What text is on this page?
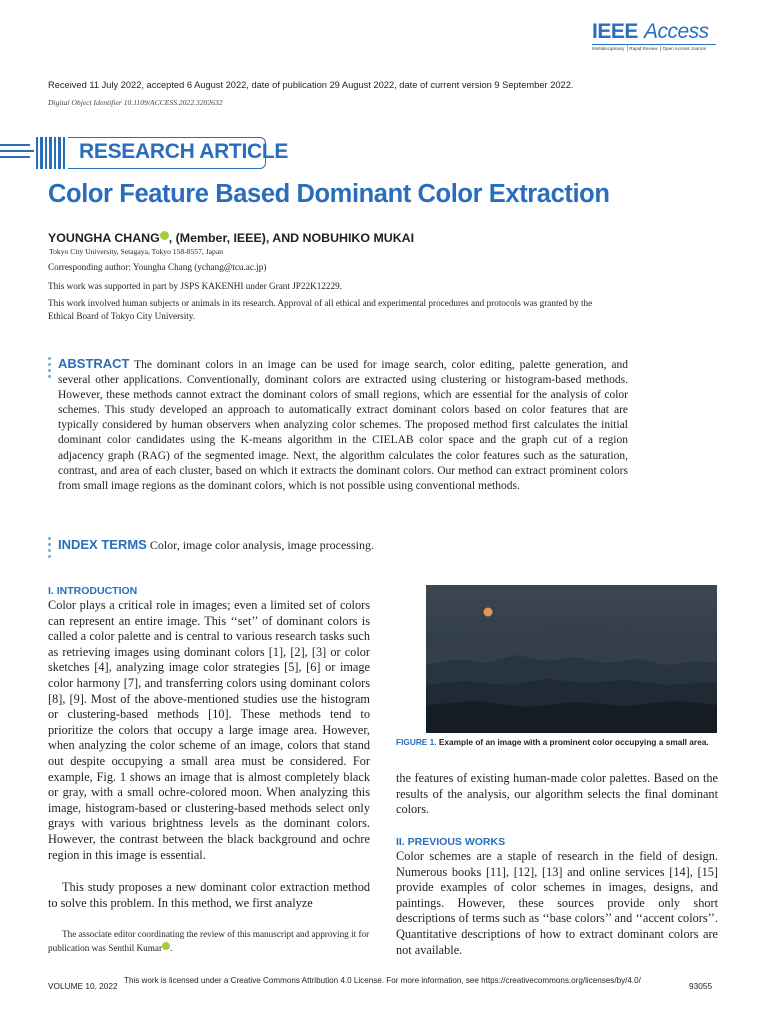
IEEE Access
Multidisciplinary ⎟ Rapid Review ⎟ Open Access Journal
Received 11 July 2022, accepted 6 August 2022, date of publication 29 August 2022, date of current version 9 September 2022.
Digital Object Identifier 10.1109/ACCESS.2022.3202632
RESEARCH ARTICLE
Color Feature Based Dominant Color Extraction
YOUNGHA CHANG , (Member, IEEE), AND NOBUHIKO MUKAI
Tokyo City University, Setagaya, Tokyo 158-8557, Japan
Corresponding author: Youngha Chang (ychang@tcu.ac.jp)
This work was supported in part by JSPS KAKENHI under Grant JP22K12229.
This work involved human subjects or animals in its research. Approval of all ethical and experimental procedures and protocols was granted by the Ethical Board of Tokyo City University.
ABSTRACT The dominant colors in an image can be used for image search, color editing, palette generation, and several other applications. Conventionally, dominant colors are extracted using clustering or histogram-based methods. However, these methods cannot extract the dominant colors of small regions, which are essential for the analysis of color schemes. This study developed an approach to automatically extract dominant colors based on color features that are typically considered by human observers when analyzing color schemes. The proposed method first calculates the initial dominant color candidates using the K-means algorithm in the CIELAB color space and the graph cut of a region adjacency graph (RAG) of the segmented image. Next, the algorithm calculates the color features such as the saturation, contrast, and area of each cluster, based on which it extracts the dominant colors. Our method can extract prominent colors from small image regions as the dominant colors, which is not possible using conventional methods.
INDEX TERMS Color, image color analysis, image processing.
I. INTRODUCTION
Color plays a critical role in images; even a limited set of colors can represent an entire image. This ‘‘set’’ of dominant colors is called a color palette and is central to various research tasks such as retrieving images using dominant colors [1], [2], [3] or color sketches [4], analyzing image color strategies [5], [6] or image color harmony [7], and transferring colors using dominant colors [8], [9]. Most of the above-mentioned studies use the histogram or clustering-based methods [10]. These methods tend to prioritize the colors that occupy a large image area. However, when analyzing the color scheme of an image, colors that stand out despite occupying a small area must be considered. For example, Fig. 1 shows an image that is almost completely black or gray, with a small ochre-colored moon. When analyzing this image, histogram-based or clustering-based methods select only grays with various brightness levels as the dominant colors. However, the contrast between the black background and ochre region in this image is essential.
This study proposes a new dominant color extraction method to solve this problem. In this method, we first analyze
The associate editor coordinating the review of this manuscript and approving it for publication was Senthil Kumar .
FIGURE 1. Example of an image with a prominent color occupying a small area.
the features of existing human-made color palettes. Based on the results of the analysis, our algorithm selects the final dominant colors.
II. PREVIOUS WORKS
Color schemes are a staple of research in the field of design. Numerous books [11], [12], [13] and online services [14], [15] provide examples of color schemes in images, designs, and paintings. However, these sources provide only short descriptions of terms such as ‘‘base colors’’ and ‘‘accent colors’’. Quantitative descriptions of how to extract dominant colors are not available.
VOLUME 10, 2022
This work is licensed under a Creative Commons Attribution 4.0 License. For more information, see https://creativecommons.org/licenses/by/4.0/
93055
